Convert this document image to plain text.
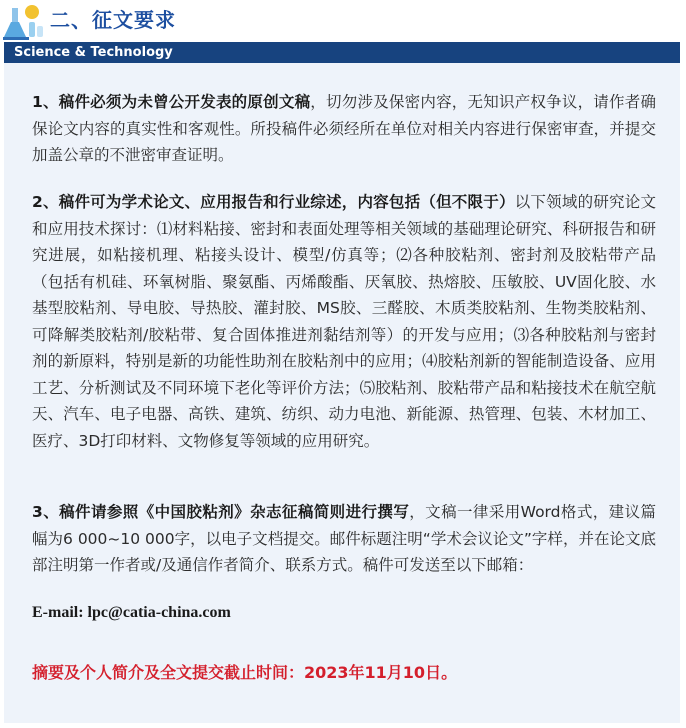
二、征文要求
Science & Technology
1、稿件必须为未曾公开发表的原创文稿，切勿涉及保密内容，无知识产权争议，请作者确保论文内容的真实性和客观性。所投稿件必须经所在单位对相关内容进行保密审查，并提交加盖公章的不泄密审查证明。
2、稿件可为学术论文、应用报告和行业综述，内容包括（但不限于）以下领域的研究论文和应用技术探讨：⑴材料粘接、密封和表面处理等相关领域的基础理论研究、科研报告和研究进展，如粘接机理、粘接头设计、模型/仿真等；⑵各种胶粘剂、密封剂及胶粘带产品（包括有机硅、环氧树脂、聚氨酯、丙烯酸酯、厌氧胶、热熔胶、压敏胶、UV固化胶、水基型胶粘剂、导电胶、导热胶、灌封胶、MS胶、三醛胶、木质类胶粘剂、生物类胶粘剂、可降解类胶粘剂/胶粘带、复合固体推进剂黏结剂等）的开发与应用；⑶各种胶粘剂与密封剂的新原料，特别是新的功能性助剂在胶粘剂中的应用；⑷胶粘剂新的智能制造设备、应用工艺、分析测试及不同环境下老化等评价方法；⑸胶粘剂、胶粘带产品和粘接技术在航空航天、汽车、电子电器、高铁、建筑、纺织、动力电池、新能源、热管理、包装、木材加工、医疗、3D打印材料、文物修复等领域的应用研究。
3、稿件请参照《中国胶粘剂》杂志征稿简则进行撰写，文稿一律采用Word格式，建议篇幅为6 000~10 000字，以电子文档提交。邮件标题注明“学术会议论文”字样，并在论文底部注明第一作者或/及通信作者简介、联系方式。稿件可发送至以下邮箱：
E-mail: lpc@catia-china.com
摘要及个人简介及全文提交截止时间：2023年11月10日。
